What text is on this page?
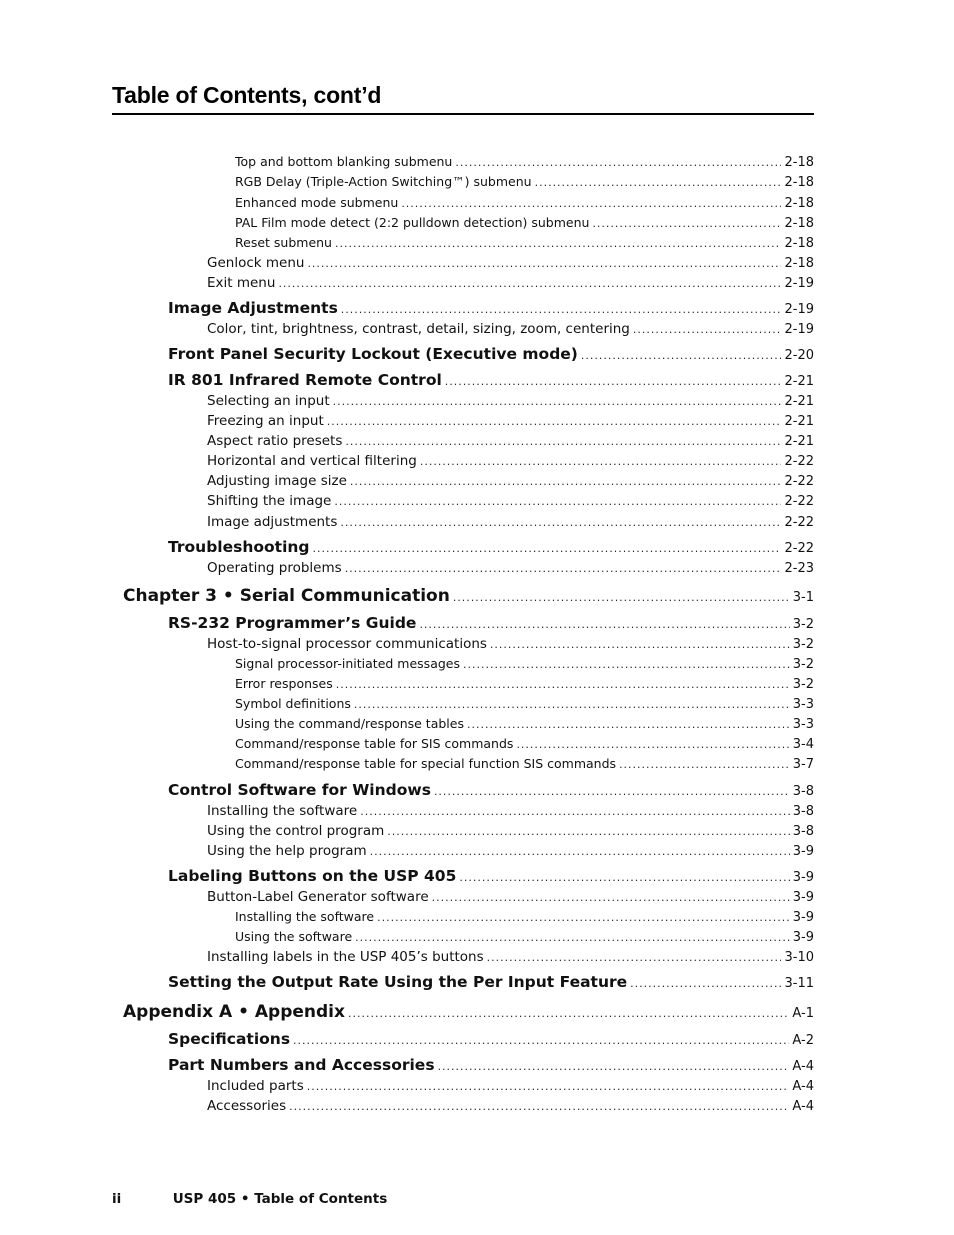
Table of Contents, cont’d
Top and bottom blanking submenu .....	2-18
RGB Delay (Triple-Action Switching™) submenu .....	2-18
Enhanced mode submenu .....	2-18
PAL Film mode detect (2:2 pulldown detection) submenu .....	2-18
Reset submenu .....	2-18
Genlock menu .....	2-18
Exit menu .....	2-19
Image Adjustments .....	2-19
Color, tint, brightness, contrast, detail, sizing, zoom, centering .....	2-19
Front Panel Security Lockout (Executive mode) .....	2-20
IR 801 Infrared Remote Control .....	2-21
Selecting an input .....	2-21
Freezing an input .....	2-21
Aspect ratio presets .....	2-21
Horizontal and vertical filtering .....	2-22
Adjusting image size .....	2-22
Shifting the image .....	2-22
Image adjustments .....	2-22
Troubleshooting .....	2-22
Operating problems .....	2-23
Chapter 3 • Serial Communication .....	3-1
RS-232 Programmer’s Guide .....	3-2
Host-to-signal processor communications .....	3-2
Signal processor-initiated messages .....	3-2
Error responses .....	3-2
Symbol definitions .....	3-3
Using the command/response tables .....	3-3
Command/response table for SIS commands .....	3-4
Command/response table for special function SIS commands .....	3-7
Control Software for Windows .....	3-8
Installing the software .....	3-8
Using the control program .....	3-8
Using the help program .....	3-9
Labeling Buttons on the USP 405 .....	3-9
Button-Label Generator software .....	3-9
Installing the software .....	3-9
Using the software .....	3-9
Installing labels in the USP 405’s buttons .....	3-10
Setting the Output Rate Using the Per Input Feature .....	3-11
Appendix A • Appendix .....	A-1
Specifications .....	A-2
Part Numbers and Accessories .....	A-4
Included parts .....	A-4
Accessories .....	A-4
ii	USP 405 • Table of Contents
